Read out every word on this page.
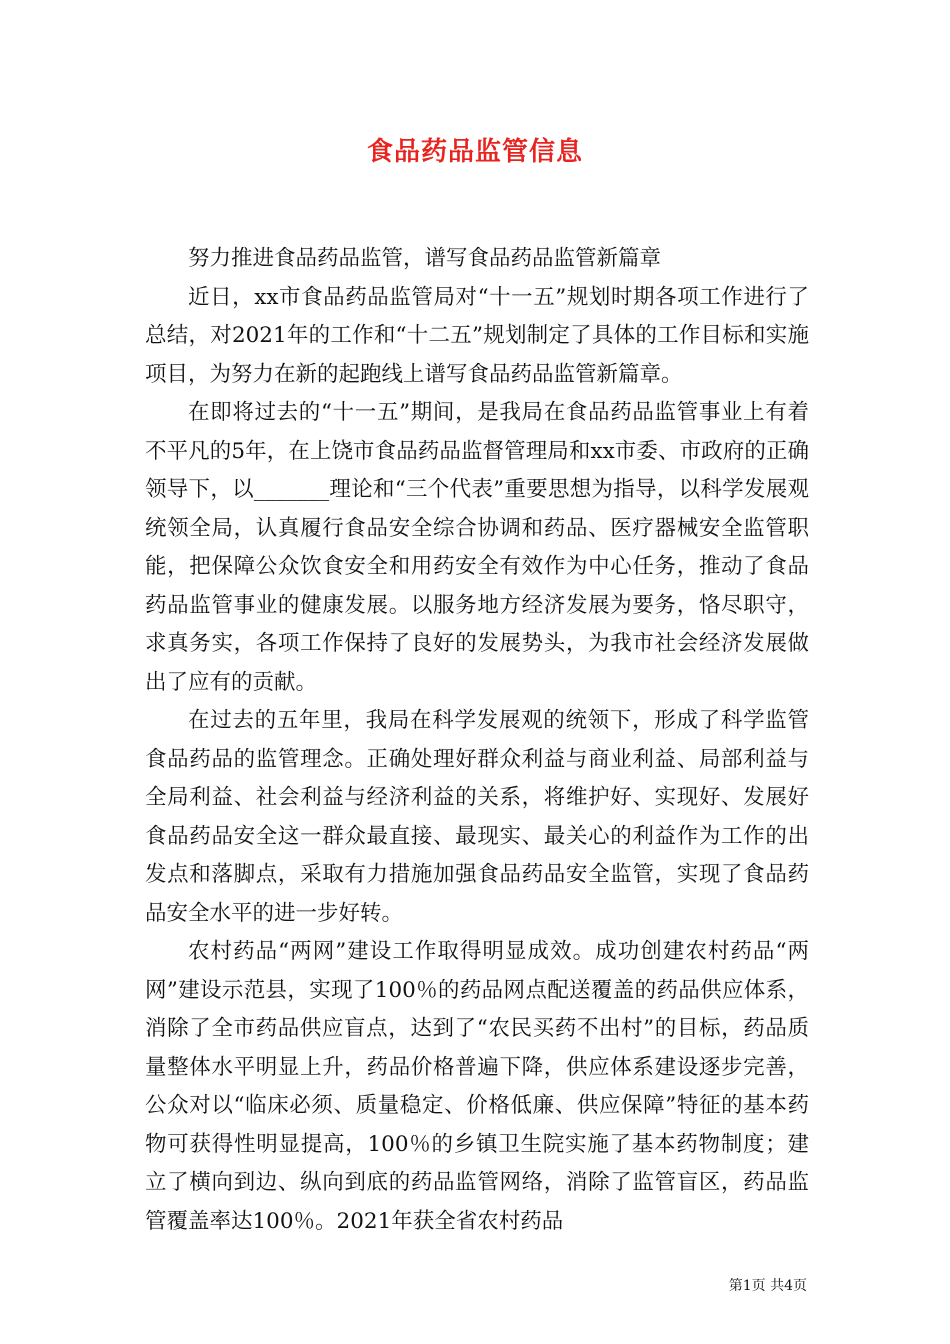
食品药品监管信息

努力推进食品药品监管，谱写食品药品监管新篇章

近日，xx市食品药品监管局对“十一五”规划时期各项工作进行了总结，对2021年的工作和“十二五”规划制定了具体的工作目标和实施项目，为努力在新的起跑线上谱写食品药品监管新篇章。

在即将过去的“十一五”期间，是我局在食品药品监管事业上有着不平凡的5年，在上饶市食品药品监督管理局和xx市委、市政府的正确领导下，以_______理论和“三个代表”重要思想为指导，以科学发展观统领全局，认真履行食品安全综合协调和药品、医疗器械安全监管职能，把保障公众饮食安全和用药安全有效作为中心任务，推动了食品药品监管事业的健康发展。以服务地方经济发展为要务，恪尽职守，求真务实，各项工作保持了良好的发展势头，为我市社会经济发展做出了应有的贡献。

在过去的五年里，我局在科学发展观的统领下，形成了科学监管食品药品的监管理念。正确处理好群众利益与商业利益、局部利益与全局利益、社会利益与经济利益的关系，将维护好、实现好、发展好食品药品安全这一群众最直接、最现实、最关心的利益作为工作的出发点和落脚点，采取有力措施加强食品药品安全监管，实现了食品药品安全水平的进一步好转。

农村药品“两网”建设工作取得明显成效。成功创建农村药品“两网”建设示范县，实现了100％的药品网点配送覆盖的药品供应体系，消除了全市药品供应盲点，达到了“农民买药不出村”的目标，药品质量整体水平明显上升，药品价格普遍下降，供应体系建设逐步完善，公众对以“临床必须、质量稳定、价格低廉、供应保障”特征的基本药物可获得性明显提高，100％的乡镇卫生院实施了基本药物制度；建立了横向到边、纵向到底的药品监管网络，消除了监管盲区，药品监管覆盖率达100％。2021年获全省农村药品

第1页 共4页
